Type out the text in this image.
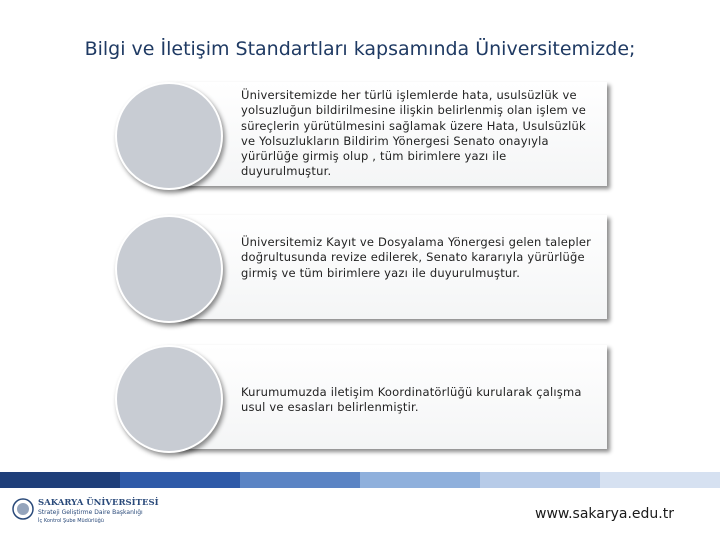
Bilgi ve İletişim Standartları kapsamında Üniversitemizde;
Üniversitemizde her türlü işlemlerde hata, usulsüzlük ve yolsuzluğun bildirilmesine ilişkin belirlenmiş olan işlem ve süreçlerin yürütülmesini sağlamak üzere Hata, Usulsüzlük ve Yolsuzlukların Bildirim Yönergesi Senato onayıyla yürürlüğe girmiş olup , tüm birimlere yazı ile duyurulmuştur.
Üniversitemiz Kayıt ve Dosyalama Yönergesi gelen talepler doğrultusunda revize edilerek, Senato kararıyla yürürlüğe girmiş ve tüm birimlere yazı ile duyurulmuştur.
Kurumumuzda iletişim Koordinatörlüğü kurularak çalışma usul ve esasları belirlenmiştir.
SAKARYA ÜNİVERSİTESİ
Strateji Geliştirme Daire Başkanlığı
İç Kontrol Şube Müdürlüğü	www.sakarya.edu.tr
